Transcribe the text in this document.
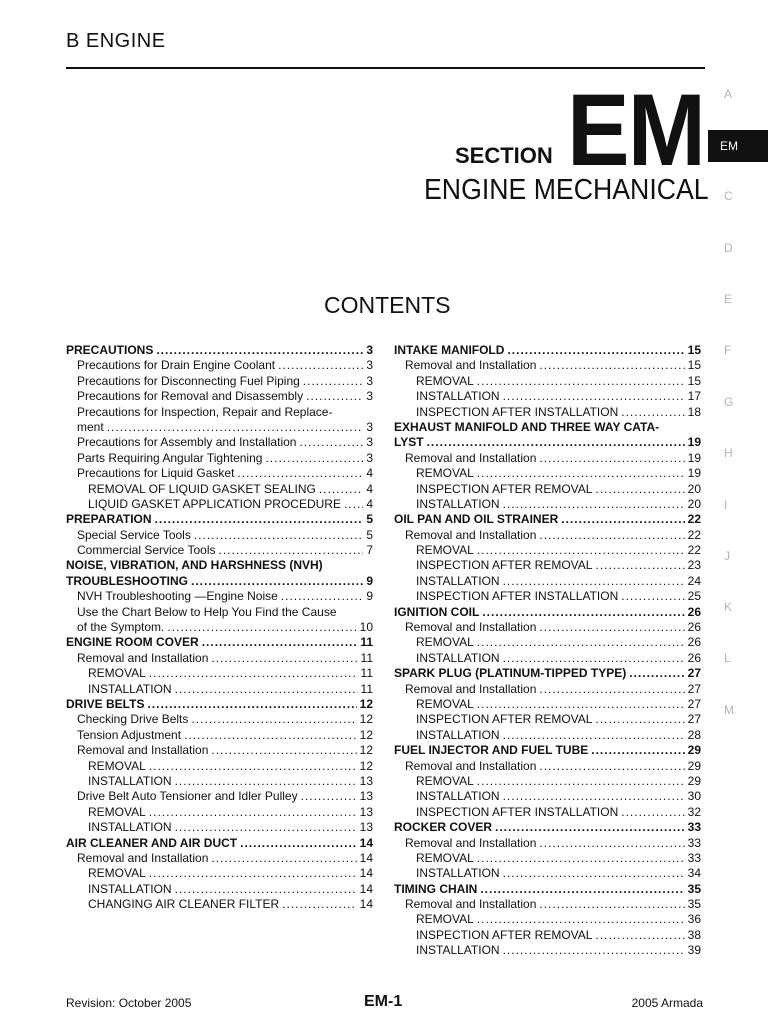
B ENGINE
A
EM
C
D
E
F
G
H
I
J
K
L
M
SECTION EM
ENGINE MECHANICAL
CONTENTS
PRECAUTIONS .....	3
Precautions for Drain Engine Coolant .....	3
Precautions for Disconnecting Fuel Piping .....	3
Precautions for Removal and Disassembly .....	3
Precautions for Inspection, Repair and Replace-
ment .....	3
Precautions for Assembly and Installation .....	3
Parts Requiring Angular Tightening .....	3
Precautions for Liquid Gasket .....	4
REMOVAL OF LIQUID GASKET SEALING .....	4
LIQUID GASKET APPLICATION PROCEDURE ..... 4
PREPARATION .....	5
Special Service Tools .....	5
Commercial Service Tools .....	7
NOISE, VIBRATION, AND HARSHNESS (NVH)
TROUBLESHOOTING .....	9
NVH Troubleshooting —Engine Noise .....	9
Use the Chart Below to Help You Find the Cause
of the Symptom. .....	10
ENGINE ROOM COVER .....	11
Removal and Installation .....	11
REMOVAL .....	11
INSTALLATION .....	11
DRIVE BELTS .....	12
Checking Drive Belts .....	12
Tension Adjustment .....	12
Removal and Installation .....	12
REMOVAL .....	12
INSTALLATION .....	13
Drive Belt Auto Tensioner and Idler Pulley .....	13
REMOVAL .....	13
INSTALLATION .....	13
AIR CLEANER AND AIR DUCT .....	14
Removal and Installation .....	14
REMOVAL .....	14
INSTALLATION .....	14
CHANGING AIR CLEANER FILTER .....	14
INTAKE MANIFOLD .....	15
Removal and Installation .....	15
REMOVAL .....	15
INSTALLATION .....	17
INSPECTION AFTER INSTALLATION .....	18
EXHAUST MANIFOLD AND THREE WAY CATA-
LYST .....	19
Removal and Installation .....	19
REMOVAL .....	19
INSPECTION AFTER REMOVAL .....	20
INSTALLATION .....	20
OIL PAN AND OIL STRAINER .....	22
Removal and Installation .....	22
REMOVAL .....	22
INSPECTION AFTER REMOVAL .....	23
INSTALLATION .....	24
INSPECTION AFTER INSTALLATION .....	25
IGNITION COIL .....	26
Removal and Installation .....	26
REMOVAL .....	26
INSTALLATION .....	26
SPARK PLUG (PLATINUM-TIPPED TYPE) .....	27
Removal and Installation .....	27
REMOVAL .....	27
INSPECTION AFTER REMOVAL .....	27
INSTALLATION .....	28
FUEL INJECTOR AND FUEL TUBE .....	29
Removal and Installation .....	29
REMOVAL .....	29
INSTALLATION .....	30
INSPECTION AFTER INSTALLATION .....	32
ROCKER COVER .....	33
Removal and Installation .....	33
REMOVAL .....	33
INSTALLATION .....	34
TIMING CHAIN .....	35
Removal and Installation .....	35
REMOVAL .....	36
INSPECTION AFTER REMOVAL .....	38
INSTALLATION .....	39
Revision: October 2005	EM-1	2005 Armada
